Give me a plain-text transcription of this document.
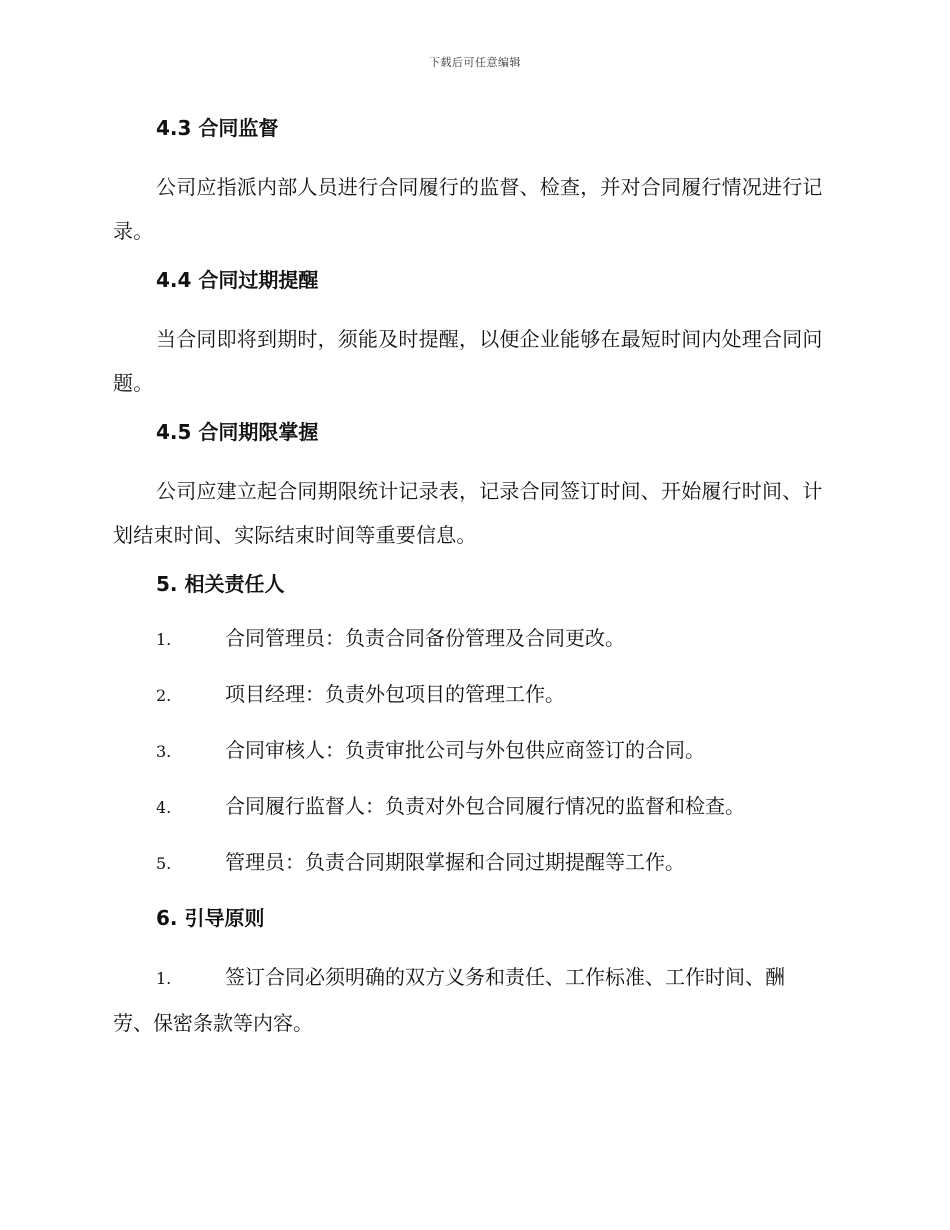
下载后可任意编辑
4.3 合同监督

公司应指派内部人员进行合同履行的监督、检查，并对合同履行情况进行记录。

4.4 合同过期提醒

当合同即将到期时，须能及时提醒，以便企业能够在最短时间内处理合同问题。

4.5 合同期限掌握

公司应建立起合同期限统计记录表，记录合同签订时间、开始履行时间、计划结束时间、实际结束时间等重要信息。

5. 相关责任人
1.	合同管理员：负责合同备份管理及合同更改。
2.	项目经理：负责外包项目的管理工作。
3.	合同审核人：负责审批公司与外包供应商签订的合同。
4.	合同履行监督人：负责对外包合同履行情况的监督和检查。
5.	管理员：负责合同期限掌握和合同过期提醒等工作。
6. 引导原则
1.	签订合同必须明确的双方义务和责任、工作标准、工作时间、酬
劳、保密条款等内容。
